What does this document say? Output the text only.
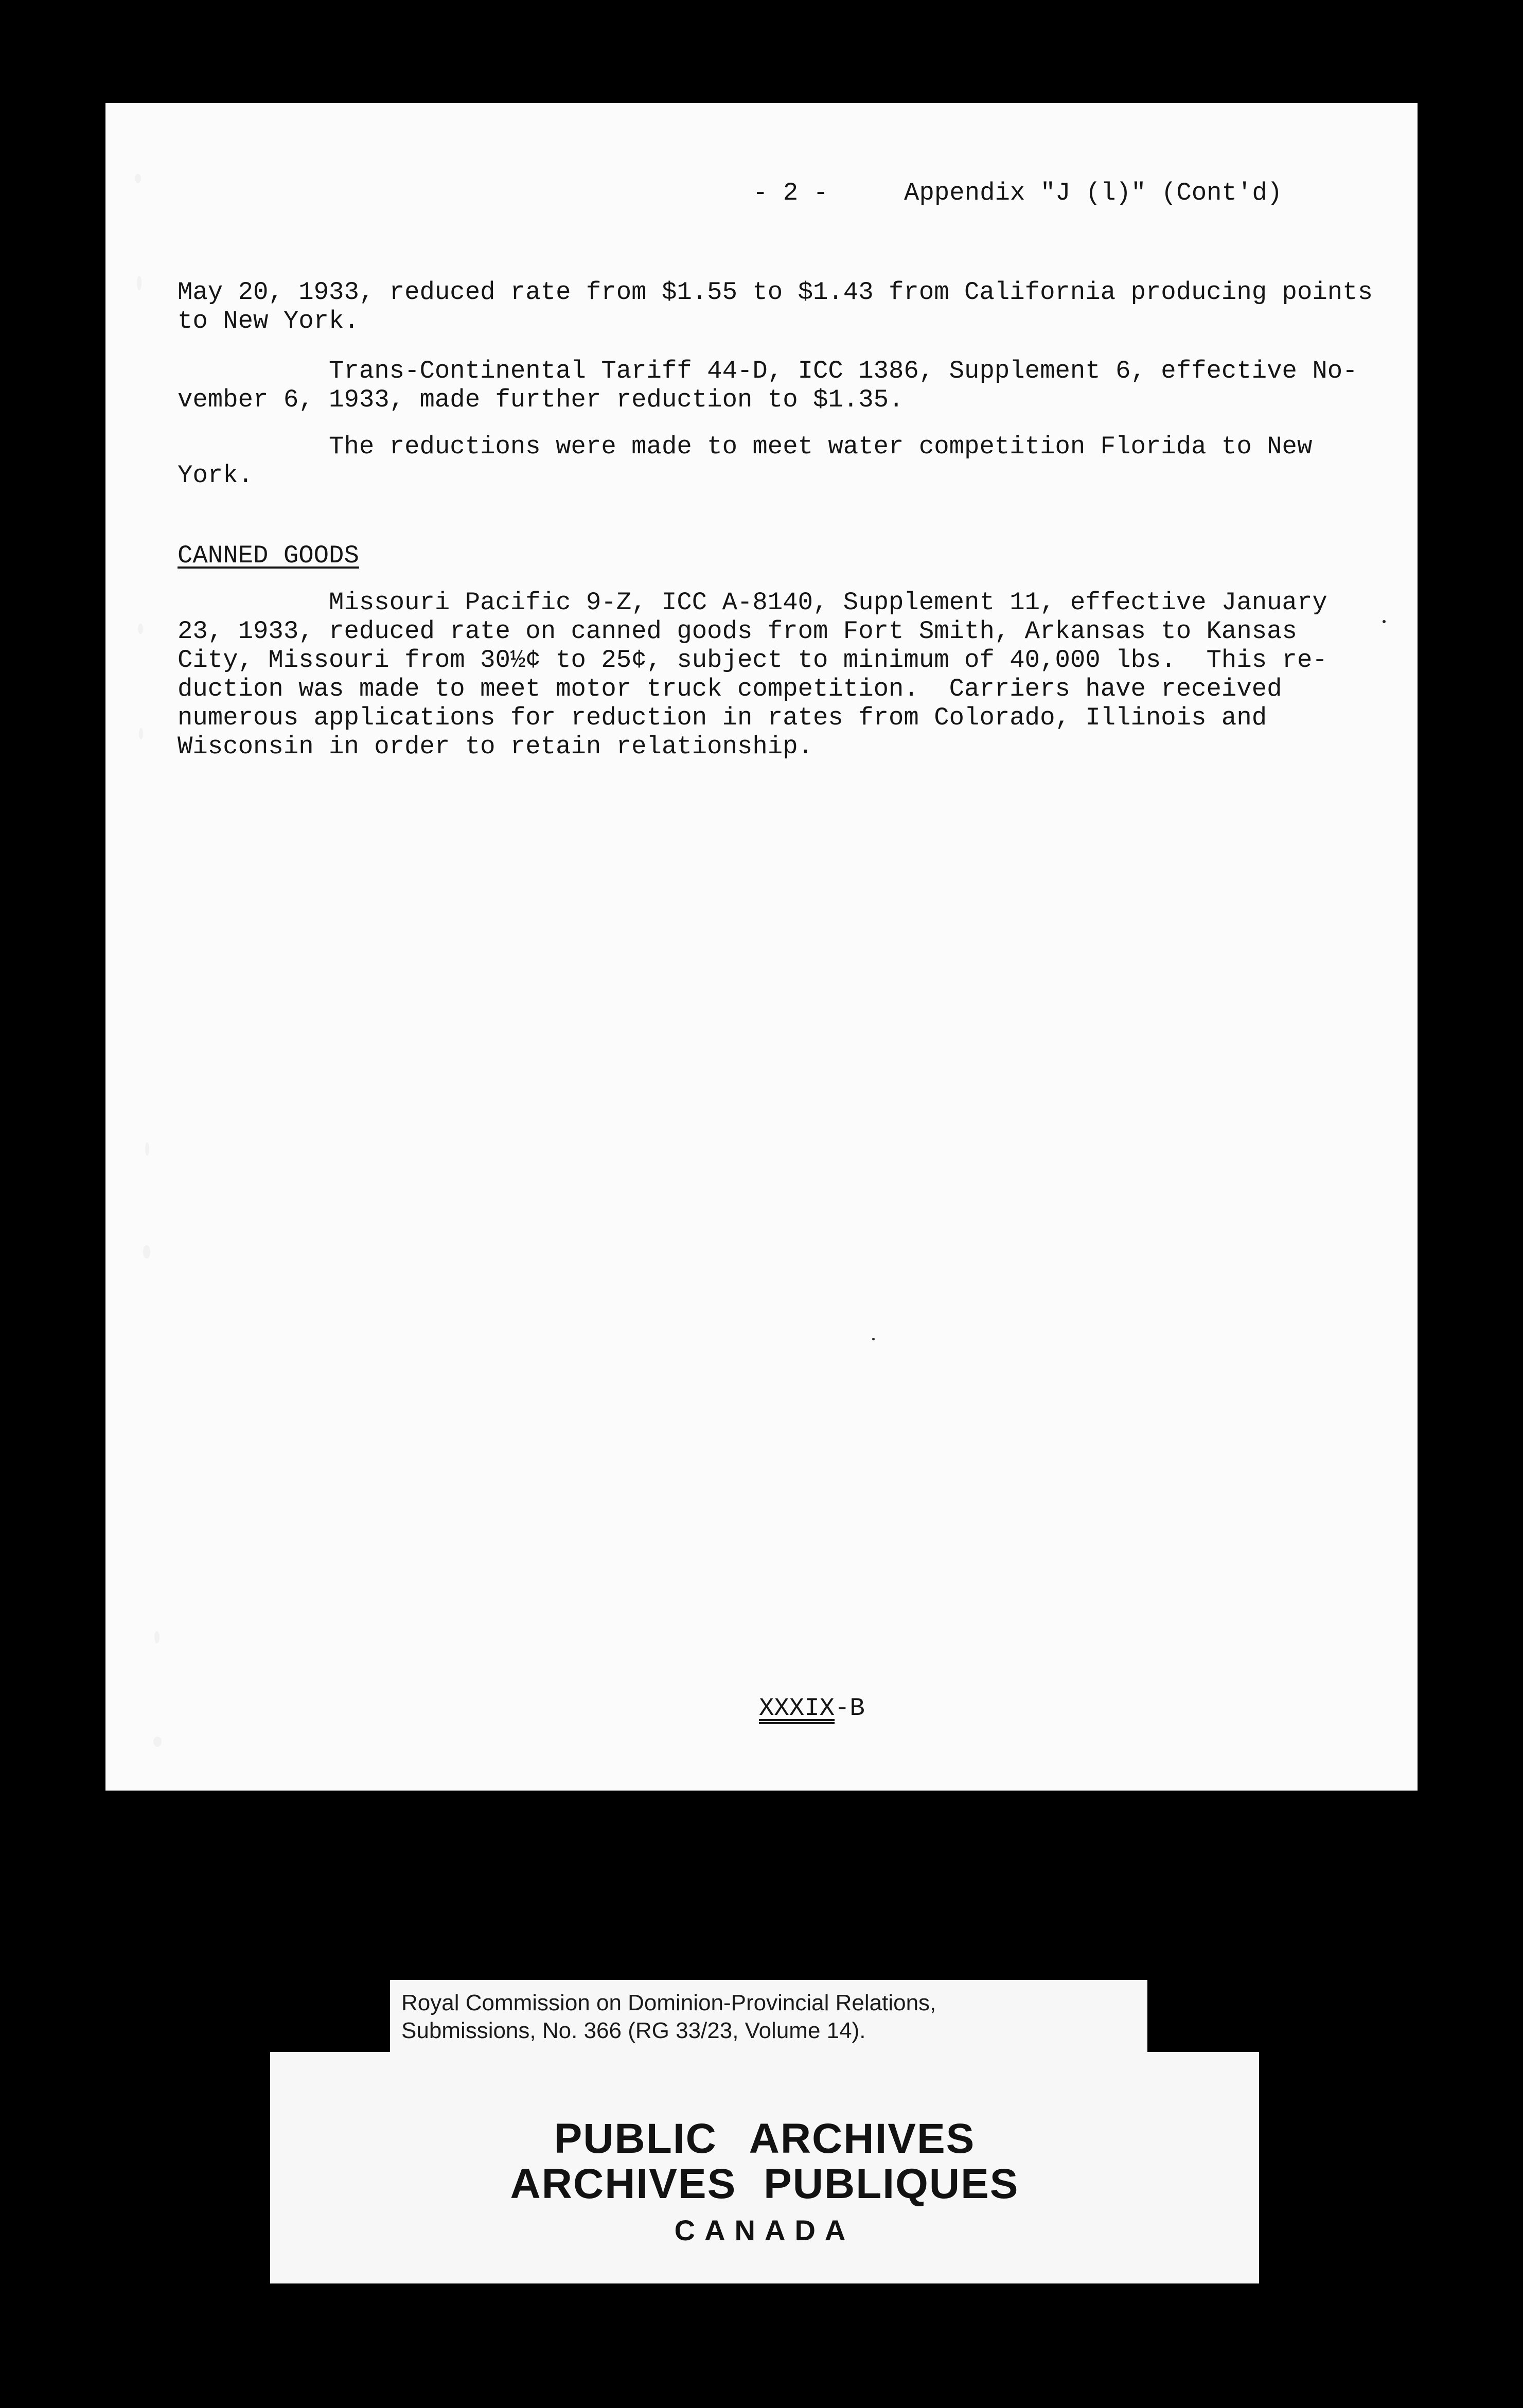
- 2 -     Appendix "J (l)" (Cont'd)
May 20, 1933, reduced rate from $1.55 to $1.43 from California producing points
to New York.
Trans-Continental Tariff 44-D, ICC 1386, Supplement 6, effective No-
vember 6, 1933, made further reduction to $1.35.
The reductions were made to meet water competition Florida to New
York.
CANNED GOODS
Missouri Pacific 9-Z, ICC A-8140, Supplement 11, effective January
23, 1933, reduced rate on canned goods from Fort Smith, Arkansas to Kansas
City, Missouri from 30½¢ to 25¢, subject to minimum of 40,000 lbs.  This re-
duction was made to meet motor truck competition.  Carriers have received
numerous applications for reduction in rates from Colorado, Illinois and
Wisconsin in order to retain relationship.
XXXIX-B
Royal Commission on Dominion-Provincial Relations,
Submissions, No. 366 (RG 33/23, Volume 14).

PUBLIC ARCHIVES

ARCHIVES PUBLIQUES

CANADA
